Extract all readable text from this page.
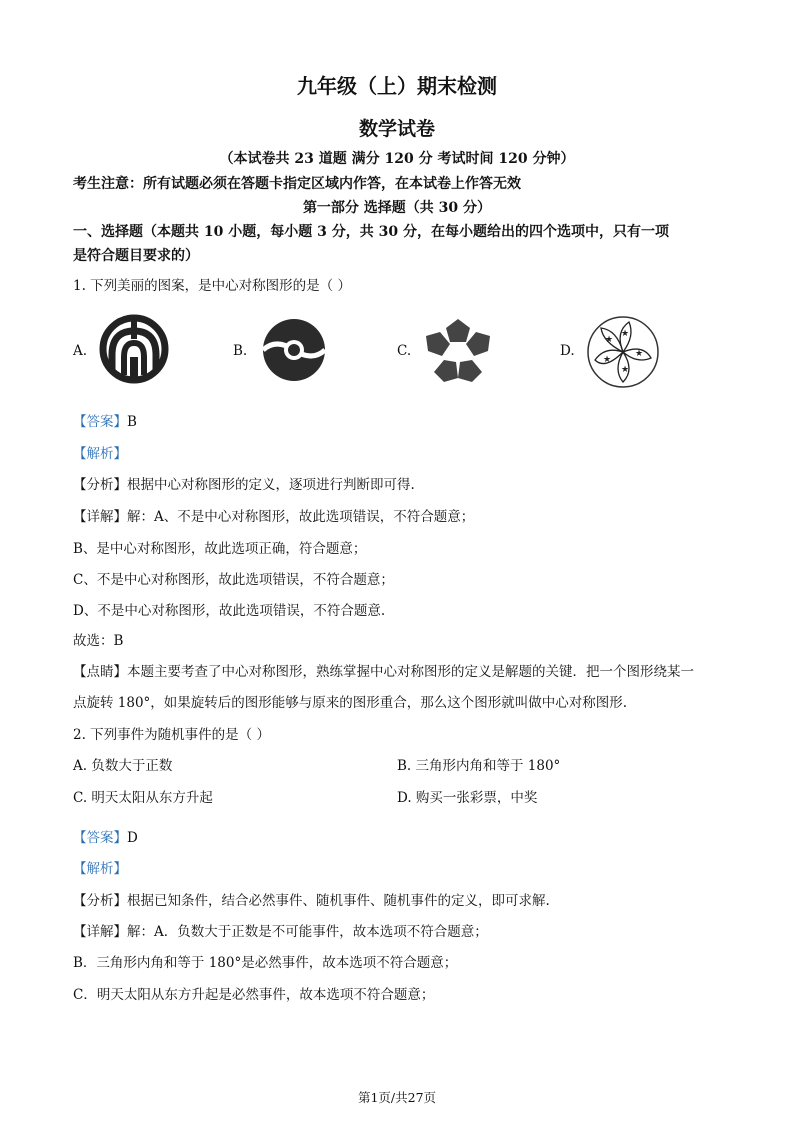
九年级（上）期末检测
数学试卷
（本试卷共 23 道题 满分 120 分 考试时间 120 分钟）
考生注意：所有试题必须在答题卡指定区域内作答，在本试卷上作答无效
第一部分 选择题（共 30 分）
一、选择题（本题共 10 小题，每小题 3 分，共 30 分，在每小题给出的四个选项中，只有一项
是符合题目要求的）
1. 下列美丽的图案，是中心对称图形的是（ ）
A.	B.	C.	D.
★
★
★
★
★
【答案】B
【解析】
【分析】根据中心对称图形的定义，逐项进行判断即可得.
【详解】解：A、不是中心对称图形，故此选项错误，不符合题意；
B、是中心对称图形，故此选项正确，符合题意；
C、不是中心对称图形，故此选项错误，不符合题意；
D、不是中心对称图形，故此选项错误，不符合题意.
故选：B
【点睛】本题主要考查了中心对称图形，熟练掌握中心对称图形的定义是解题的关键．把一个图形绕某一
点旋转 180°，如果旋转后的图形能够与原来的图形重合，那么这个图形就叫做中心对称图形.
2. 下列事件为随机事件的是（ ）
A. 负数大于正数	B. 三角形内角和等于 180°
C. 明天太阳从东方升起	D. 购买一张彩票，中奖
【答案】D
【解析】
【分析】根据已知条件，结合必然事件、随机事件、随机事件的定义，即可求解.
【详解】解：A．负数大于正数是不可能事件，故本选项不符合题意；
B．三角形内角和等于 180°是必然事件，故本选项不符合题意；
C．明天太阳从东方升起是必然事件，故本选项不符合题意；
第1页/共27页
